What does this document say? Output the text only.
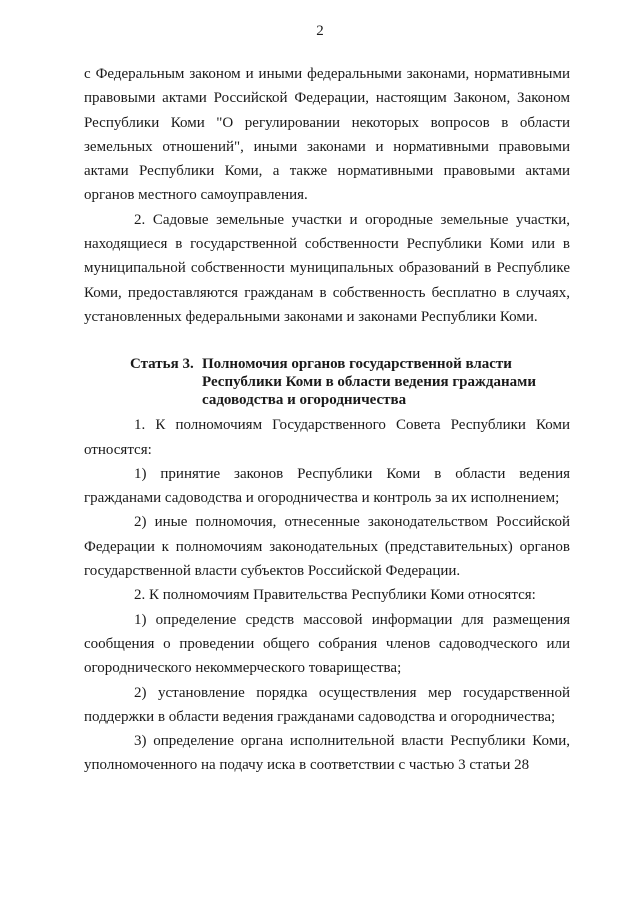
2

с Федеральным законом и иными федеральными законами, нормативными правовыми актами Российской Федерации, настоящим Законом, Законом Республики Коми "О регулировании некоторых вопросов в области земельных отношений", иными законами и нормативными правовыми актами Республики Коми, а также нормативными правовыми актами органов местного самоуправления.

2. Садовые земельные участки и огородные земельные участки, находящиеся в государственной собственности Республики Коми или в муниципальной собственности муниципальных образований в Республике Коми, предоставляются гражданам в собственность бесплатно в случаях, установленных федеральными законами и законами Республики Коми.

Статья 3. Полномочия органов государственной власти
Республики Коми в области ведения гражданами
садоводства и огородничества

1. К полномочиям Государственного Совета Республики Коми относятся:

1) принятие законов Республики Коми в области ведения гражданами садоводства и огородничества и контроль за их исполнением;

2) иные полномочия, отнесенные законодательством Российской Федерации к полномочиям законодательных (представительных) органов государственной власти субъектов Российской Федерации.

2. К полномочиям Правительства Республики Коми относятся:

1) определение средств массовой информации для размещения сообщения о проведении общего собрания членов садоводческого или огороднического некоммерческого товарищества;

2) установление порядка осуществления мер государственной поддержки в области ведения гражданами садоводства и огородничества;

3) определение органа исполнительной власти Республики Коми, уполномоченного на подачу иска в соответствии с частью 3 статьи 28
